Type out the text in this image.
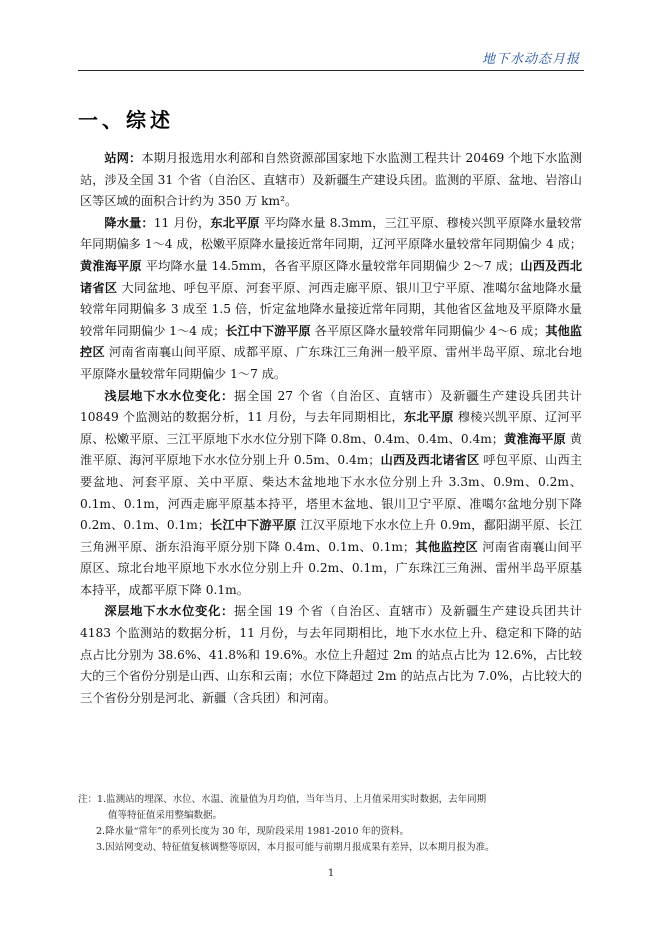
地下水动态月报
一、综述

站网：本期月报选用水利部和自然资源部国家地下水监测工程共计 20469 个地下水监测站，涉及全国 31 个省（自治区、直辖市）及新疆生产建设兵团。监测的平原、盆地、岩溶山区等区域的面积合计约为 350 万 km²。

降水量：11 月份，东北平原 平均降水量 8.3mm，三江平原、穆棱兴凯平原降水量较常年同期偏多 1～4 成，松嫩平原降水量接近常年同期，辽河平原降水量较常年同期偏少 4 成；黄淮海平原 平均降水量 14.5mm，各省平原区降水量较常年同期偏少 2～7 成；山西及西北诸省区 大同盆地、呼包平原、河套平原、河西走廊平原、银川卫宁平原、准噶尔盆地降水量较常年同期偏多 3 成至 1.5 倍，忻定盆地降水量接近常年同期，其他省区盆地及平原降水量较常年同期偏少 1～4 成；长江中下游平原 各平原区降水量较常年同期偏少 4～6 成；其他监控区 河南省南襄山间平原、成都平原、广东珠江三角洲一般平原、雷州半岛平原、琼北台地平原降水量较常年同期偏少 1～7 成。

浅层地下水水位变化：据全国 27 个省（自治区、直辖市）及新疆生产建设兵团共计 10849 个监测站的数据分析，11 月份，与去年同期相比，东北平原 穆棱兴凯平原、辽河平原、松嫩平原、三江平原地下水水位分别下降 0.8m、0.4m、0.4m、0.4m；黄淮海平原 黄淮平原、海河平原地下水水位分别上升 0.5m、0.4m；山西及西北诸省区 呼包平原、山西主要盆地、河套平原、关中平原、柴达木盆地地下水水位分别上升 3.3m、0.9m、0.2m、0.1m、0.1m，河西走廊平原基本持平，塔里木盆地、银川卫宁平原、准噶尔盆地分别下降 0.2m、0.1m、0.1m；长江中下游平原 江汉平原地下水水位上升 0.9m，鄱阳湖平原、长江三角洲平原、浙东沿海平原分别下降 0.4m、0.1m、0.1m；其他监控区 河南省南襄山间平原区、琼北台地平原地下水水位分别上升 0.2m、0.1m，广东珠江三角洲、雷州半岛平原基本持平，成都平原下降 0.1m。

深层地下水水位变化：据全国 19 个省（自治区、直辖市）及新疆生产建设兵团共计 4183 个监测站的数据分析，11 月份，与去年同期相比，地下水水位上升、稳定和下降的站点占比分别为 38.6%、41.8%和 19.6%。水位上升超过 2m 的站点占比为 12.6%，占比较大的三个省份分别是山西、山东和云南；水位下降超过 2m 的站点占比为 7.0%，占比较大的三个省份分别是河北、新疆（含兵团）和河南。

注：1.监测站的埋深、水位、水温、流量值为月均值，当年当月、上月值采用实时数据，去年同期
值等特征值采用整编数据。
2.降水量“常年”的系列长度为 30 年，现阶段采用 1981-2010 年的资料。
3.因站网变动、特征值复核调整等原因，本月报可能与前期月报成果有差异，以本期月报为准。
1
